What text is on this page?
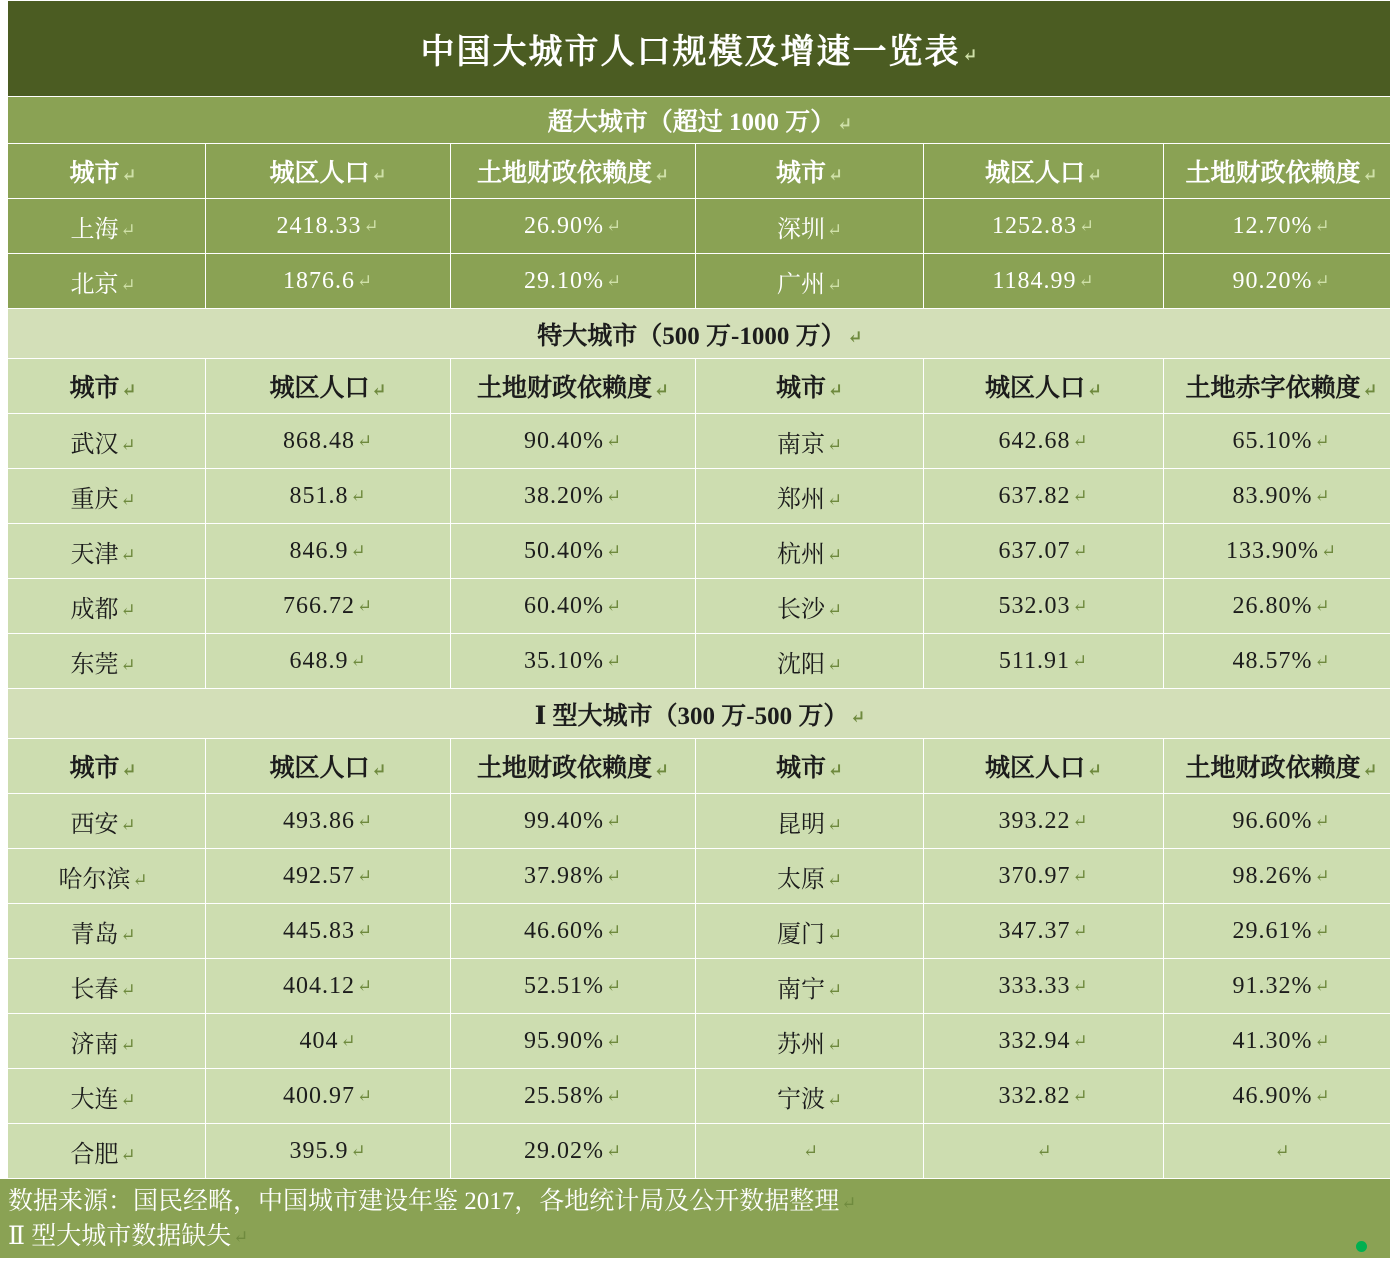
中国大城市人口规模及增速一览表 ↵					
超大城市（超过 1000 万） ↵					
城市 ↵	城区人口 ↵	土地财政依赖度 ↵	城市 ↵	城区人口 ↵	土地财政依赖度 ↵
上海 ↵	2418.33 ↵	26.90% ↵	深圳 ↵	1252.83 ↵	12.70% ↵
北京 ↵	1876.6 ↵	29.10% ↵	广州 ↵	1184.99 ↵	90.20% ↵
特大城市（500 万-1000 万） ↵					
城市 ↵	城区人口 ↵	土地财政依赖度 ↵	城市 ↵	城区人口 ↵	土地赤字依赖度 ↵
武汉 ↵	868.48 ↵	90.40% ↵	南京 ↵	642.68 ↵	65.10% ↵
重庆 ↵	851.8 ↵	38.20% ↵	郑州 ↵	637.82 ↵	83.90% ↵
天津 ↵	846.9 ↵	50.40% ↵	杭州 ↵	637.07 ↵	133.90% ↵
成都 ↵	766.72 ↵	60.40% ↵	长沙 ↵	532.03 ↵	26.80% ↵
东莞 ↵	648.9 ↵	35.10% ↵	沈阳 ↵	511.91 ↵	48.57% ↵
Ⅰ 型大城市（300 万-500 万） ↵					
城市 ↵	城区人口 ↵	土地财政依赖度 ↵	城市 ↵	城区人口 ↵	土地财政依赖度 ↵
西安 ↵	493.86 ↵	99.40% ↵	昆明 ↵	393.22 ↵	96.60% ↵
哈尔滨 ↵	492.57 ↵	37.98% ↵	太原 ↵	370.97 ↵	98.26% ↵
青岛 ↵	445.83 ↵	46.60% ↵	厦门 ↵	347.37 ↵	29.61% ↵
长春 ↵	404.12 ↵	52.51% ↵	南宁 ↵	333.33 ↵	91.32% ↵
济南 ↵	404 ↵	95.90% ↵	苏州 ↵	332.94 ↵	41.30% ↵
大连 ↵	400.97 ↵	25.58% ↵	宁波 ↵	332.82 ↵	46.90% ↵
合肥 ↵	395.9 ↵	29.02% ↵	↵	↵	↵
数据来源：国民经略，中国城市建设年鉴 2017，各地统计局及公开数据整理 ↵
Ⅱ 型大城市数据缺失 ↵
